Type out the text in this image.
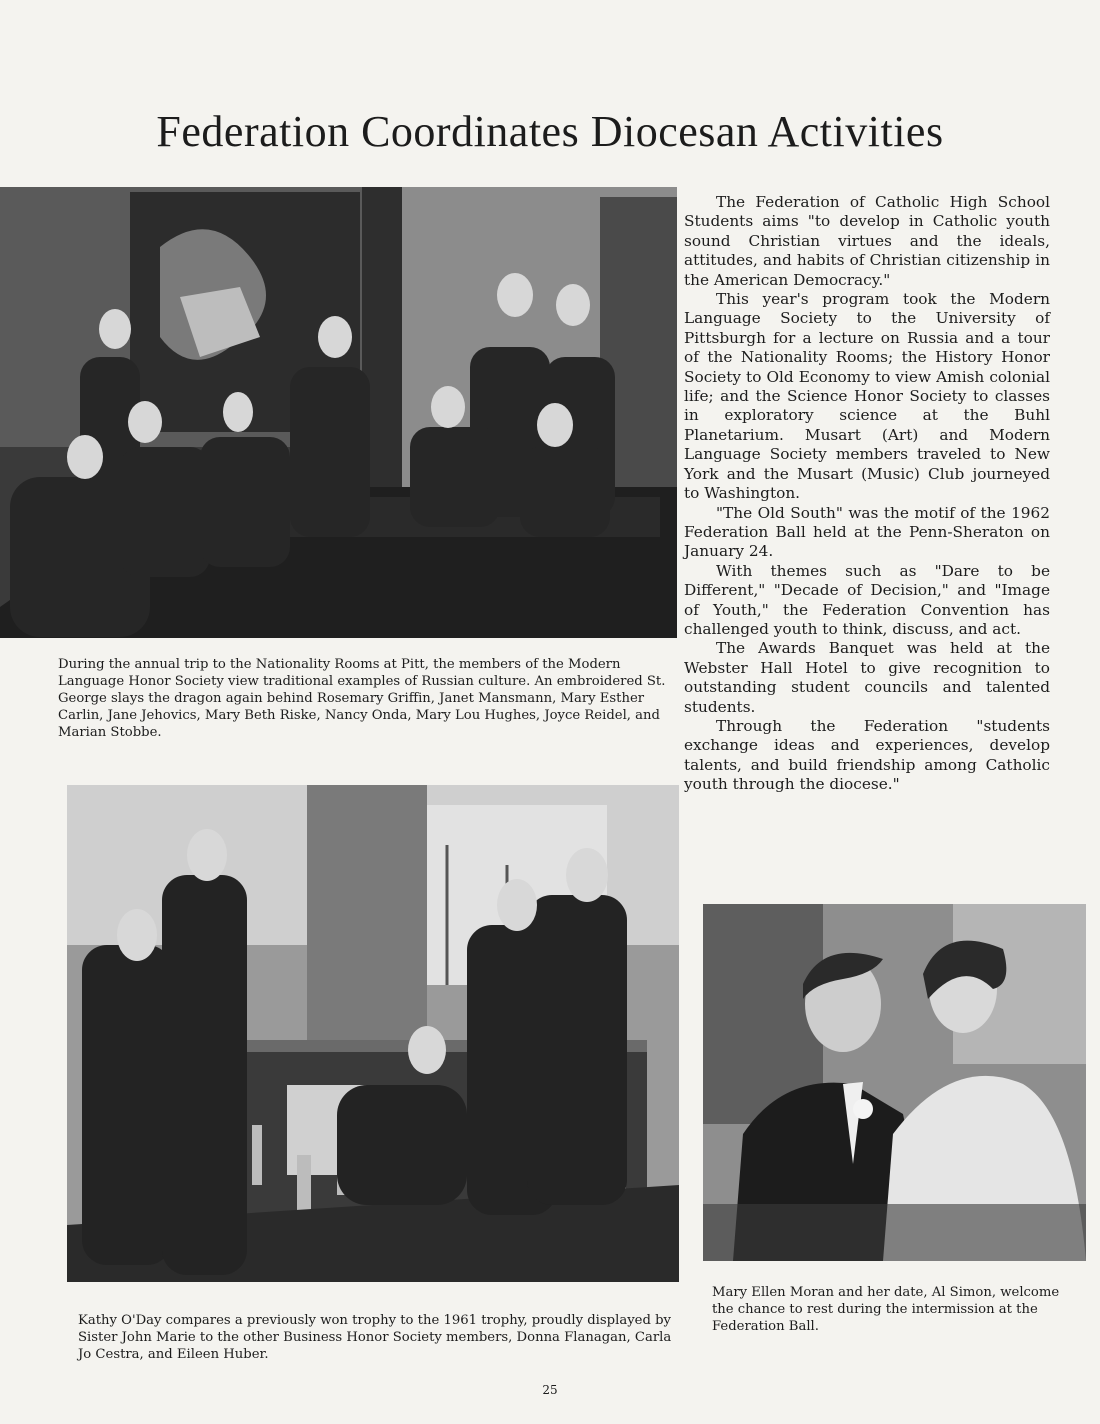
Federation Coordinates Diocesan Activities

During the annual trip to the Nationality Rooms at Pitt, the members of the Modern Language Honor Society view traditional examples of Russian culture. An embroidered St. George slays the dragon again behind Rosemary Griffin, Janet Mansmann, Mary Esther Carlin, Jane Jehovics, Mary Beth Riske, Nancy Onda, Mary Lou Hughes, Joyce Reidel, and Marian Stobbe.

The Federation of Catholic High School Students aims "to develop in Catholic youth sound Christian virtues and the ideals, attitudes, and habits of Christian citizenship in the American Democracy."

This year's program took the Modern Language Society to the University of Pittsburgh for a lecture on Russia and a tour of the Nationality Rooms; the History Honor Society to Old Economy to view Amish colonial life; and the Science Honor Society to classes in exploratory science at the Buhl Planetarium. Musart (Art) and Modern Language Society members traveled to New York and the Musart (Music) Club journeyed to Washington.

"The Old South" was the motif of the 1962 Federation Ball held at the Penn-Sheraton on January 24.

With themes such as "Dare to be Different," "Decade of Decision," and "Image of Youth," the Federation Convention has challenged youth to think, discuss, and act.

The Awards Banquet was held at the Webster Hall Hotel to give recognition to outstanding student councils and talented students.

Through the Federation "students exchange ideas and experiences, develop talents, and build friendship among Catholic youth through the diocese."

Kathy O'Day compares a previously won trophy to the 1961 trophy, proudly displayed by Sister John Marie to the other Business Honor Society members, Donna Flanagan, Carla Jo Cestra, and Eileen Huber.

Mary Ellen Moran and her date, Al Simon, welcome the chance to rest during the intermission at the Federation Ball.

25
